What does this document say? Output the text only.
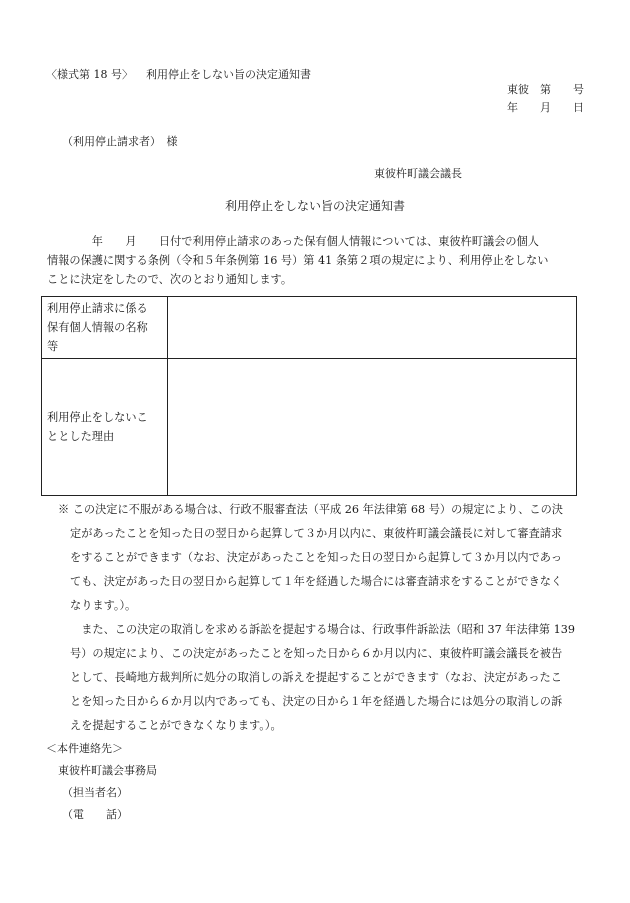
〈様式第 18 号〉 利用停止をしない旨の決定通知書
東彼　第　　号
年　　月　　日
（利用停止請求者）　様
東彼杵町議会議長
利用停止をしない旨の決定通知書
　　　　年　　月　　日付で利用停止請求のあった保有個人情報については、東彼杵町議会の個人
情報の保護に関する条例（令和５年条例第 16 号）第 41 条第２項の規定により、利用停止をしない
ことに決定をしたので、次のとおり通知します。
利用停止請求に係る
保有個人情報の名称
等	

利用停止をしないこ
ととした理由	

※ この決定に不服がある場合は、行政不服審査法（平成 26 年法律第 68 号）の規定により、この決
定があったことを知った日の翌日から起算して３か月以内に、東彼杵町議会議長に対して審査請求
をすることができます（なお、決定があったことを知った日の翌日から起算して３か月以内であっ
ても、決定があった日の翌日から起算して１年を経過した場合には審査請求をすることができなく
なります。）。
　また、この決定の取消しを求める訴訟を提起する場合は、行政事件訴訟法（昭和 37 年法律第 139
号）の規定により、この決定があったことを知った日から６か月以内に、東彼杵町議会議長を被告
として、長崎地方裁判所に処分の取消しの訴えを提起することができます（なお、決定があったこ
とを知った日から６か月以内であっても、決定の日から１年を経過した場合には処分の取消しの訴
えを提起することができなくなります。）。
＜本件連絡先＞
東彼杵町議会事務局
（担当者名）
（電　　話）
